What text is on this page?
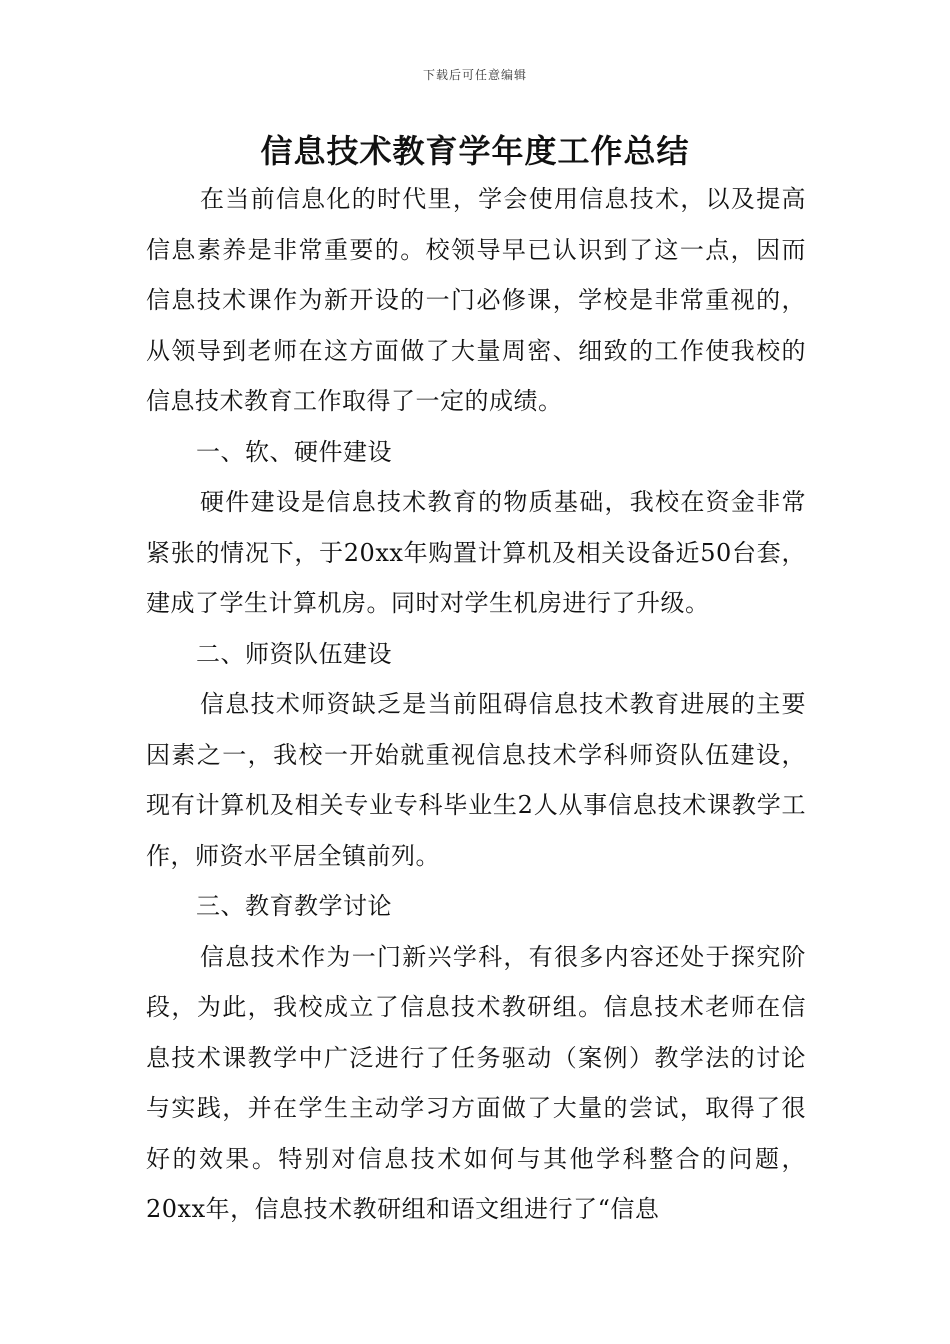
下载后可任意编辑
信息技术教育学年度工作总结

在当前信息化的时代里，学会使用信息技术，以及提高信息素养是非常重要的。校领导早已认识到了这一点，因而信息技术课作为新开设的一门必修课，学校是非常重视的，从领导到老师在这方面做了大量周密、细致的工作使我校的信息技术教育工作取得了一定的成绩。

一、软、硬件建设

硬件建设是信息技术教育的物质基础，我校在资金非常紧张的情况下，于20xx年购置计算机及相关设备近50台套，建成了学生计算机房。同时对学生机房进行了升级。

二、师资队伍建设

信息技术师资缺乏是当前阻碍信息技术教育进展的主要因素之一，我校一开始就重视信息技术学科师资队伍建设，现有计算机及相关专业专科毕业生2人从事信息技术课教学工作，师资水平居全镇前列。

三、教育教学讨论

信息技术作为一门新兴学科，有很多内容还处于探究阶段，为此，我校成立了信息技术教研组。信息技术老师在信息技术课教学中广泛进行了任务驱动（案例）教学法的讨论与实践，并在学生主动学习方面做了大量的尝试，取得了很好的效果。特别对信息技术如何与其他学科整合的问题，20xx年，信息技术教研组和语文组进行了“信息
